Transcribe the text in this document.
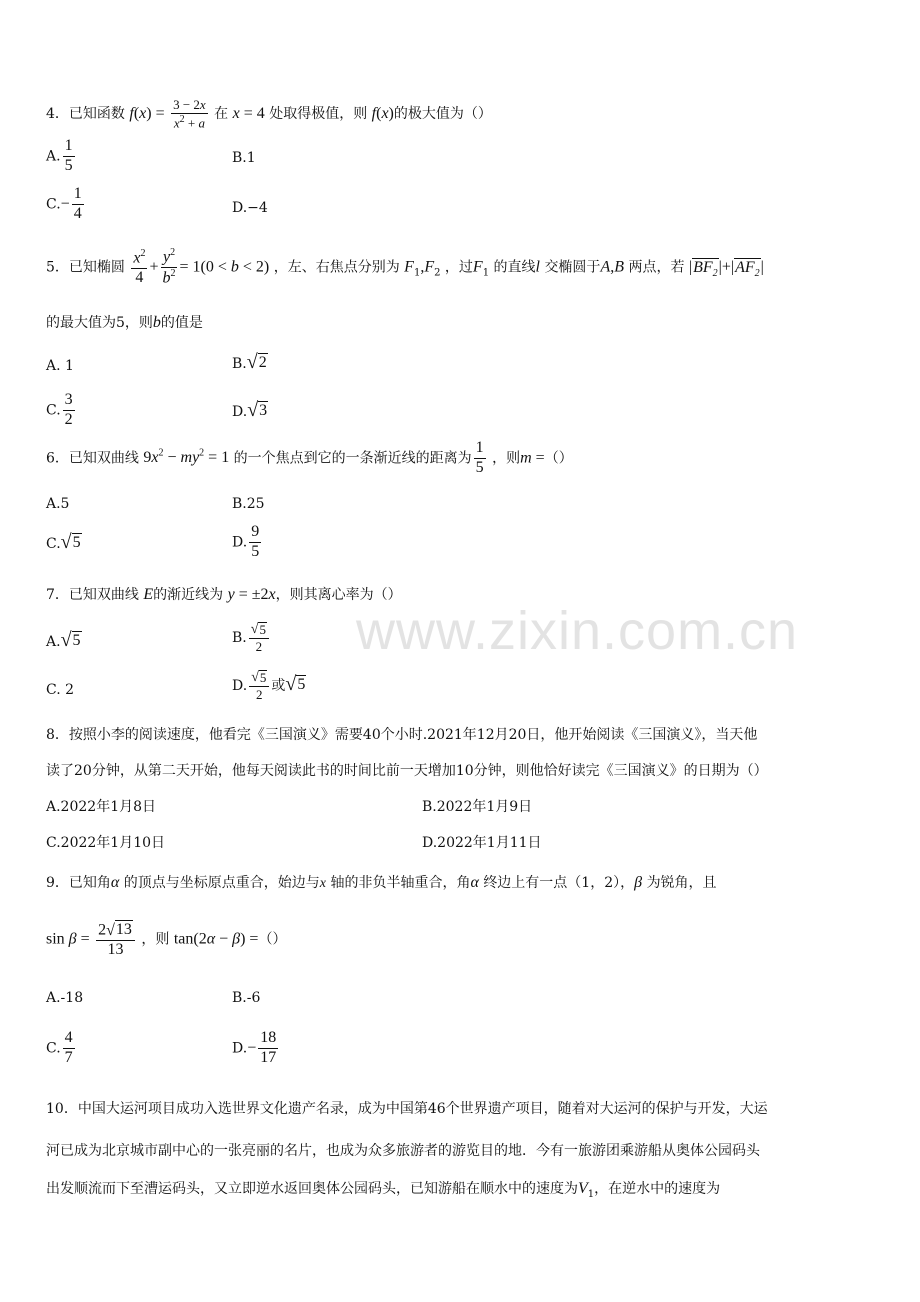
www.zixin.com.cn
4．已知函数 $f(x) = \frac{3 - 2x}{x^2 + a}$ 在 x = 4 处取得极值，则 f(x)的极大值为（）
A. $\frac{1}{5}$	B.1
$C.- \frac{1}{4}$	D.−4
5．已知椭圆 $\frac{x^2}{4} + \frac{y^2}{b^2} = 1(0 < b < 2)$ ，左、右焦点分别为 $F_1,F_2$ ，过$F_1$ 的直线l 交椭圆于A,B 两点，若 $|BF_2|+|AF_2|$
的最大值为5，则b的值是
A. 1	B. √ 2
C. $\frac{3}{2}$	D. √ 3
6．已知双曲线 $9x^2 - my^2 = 1$ 的一个焦点到它的一条渐近线的距离为 $\frac{1}{5}$ ，则m =（）
A.5	B.25
C. √ 5	D. $\frac{9}{5}$
7．已知双曲线 E的渐近线为 y = ±2x，则其离心率为（）
A. √ 5	B. $\frac{√ 5}{2}$
C. 2	D. $\frac{√ 5}{2}$ 或 √ 5
8．按照小李的阅读速度，他看完《三国演义》需要40个小时.2021年12月20日，他开始阅读《三国演义》，当天他
读了20分钟，从第二天开始，他每天阅读此书的时间比前一天增加10分钟，则他恰好读完《三国演义》的日期为（）
A.2022年1月8日	B.2022年1月9日
C.2022年1月10日	D.2022年1月11日
9．已知角α 的顶点与坐标原点重合，始边与x 轴的非负半轴重合，角α 终边上有一点（1，2），β 为锐角，且
$\sin \beta = \frac{2 √ 13}{13}$ ，则 tan(2α − β) =（）
A.-18	B.-6
C. $\frac{4}{7}$	$D.- \frac{18}{17}$
10．中国大运河项目成功入选世界文化遗产名录，成为中国第46个世界遗产项目，随着对大运河的保护与开发，大运
河已成为北京城市副中心的一张亮丽的名片，也成为众多旅游者的游览目的地．今有一旅游团乘游船从奥体公园码头
出发顺流而下至漕运码头，又立即逆水返回奥体公园码头，已知游船在顺水中的速度为$V_1$，在逆水中的速度为
